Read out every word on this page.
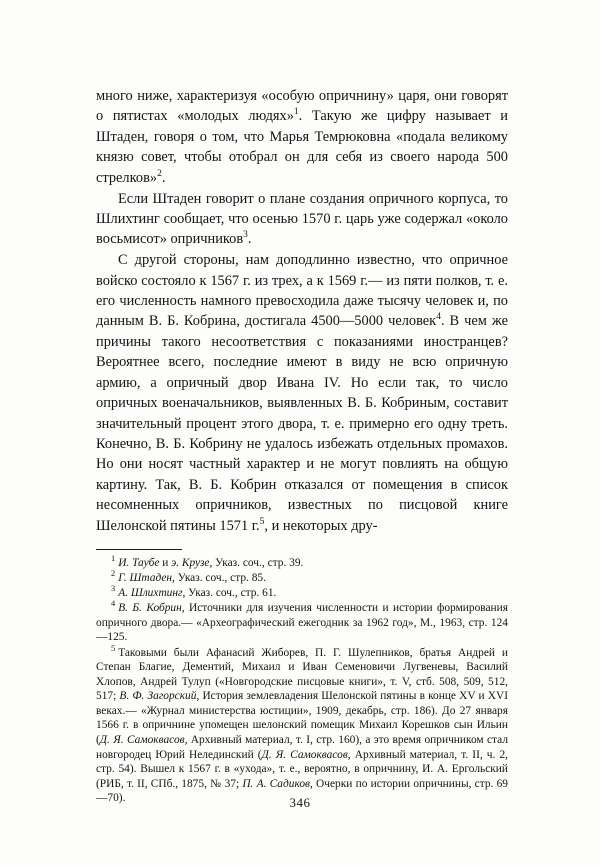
много ниже, характеризуя «особую опричнину» царя, они говорят о пятистах «молодых людях»$^1$. Такую же цифру называет и Штаден, говоря о том, что Марья Темрюковна «подала великому князю совет, чтобы отобрал он для себя из своего народа 500 стрелков»$^2$.

Если Штаден говорит о плане создания опричного корпуса, то Шлихтинг сообщает, что осенью 1570 г. царь уже содержал «около восьмисот» опричников$^3$.

С другой стороны, нам доподлинно известно, что опричное войско состояло к 1567 г. из трех, а к 1569 г.— из пяти полков, т. е. его численность намного превосходила даже тысячу человек и, по данным В. Б. Кобрина, достигала 4500—5000 человек$^4$. В чем же причины такого несоответствия с показаниями иностранцев? Вероятнее всего, последние имеют в виду не всю опричную армию, а опричный двор Ивана IV. Но если так, то число опричных военачальников, выявленных В. Б. Кобриным, составит значительный процент этого двора, т. е. примерно его одну треть. Конечно, В. Б. Кобрину не удалось избежать отдельных промахов. Но они носят частный характер и не могут повлиять на общую картину. Так, В. Б. Кобрин отказался от помещения в список несомненных опричников, известных по писцовой книге Шелонской пятины 1571 г.$^5$, и некоторых дру-

$^1$ И. Таубе и э. Крузе, Указ. соч., стр. 39.

$^2$ Г. Штаден, Указ. соч., стр. 85.

$^3$ А. Шлихтинг, Указ. соч., стр. 61.

$^4$ В. Б. Кобрин, Источники для изучения численности и истории формирования опричного двора.— «Археографический ежегодник за 1962 год», М., 1963, стр. 124—125.

$^5$ Таковыми были Афанасий Жиборев, П. Г. Шулепников, братья Андрей и Степан Благие, Дементий, Михаил и Иван Семеновичи Лугвеневы, Василий Хлопов, Андрей Тулуп («Новгородские писцовые книги», т. V, стб. 508, 509, 512, 517; В. Ф. Загорский, История землевладения Шелонской пятины в конце XV и XVI веках.— «Журнал министерства юстиции», 1909, декабрь, стр. 186). До 27 января 1566 г. в опричнине упомещен шелонский помещик Михаил Корешков сын Ильин (Д. Я. Самоквасов, Архивный материал, т. I, стр. 160), а это время опричником стал новгородец Юрий Нелединский (Д. Я. Самоквасов, Архивный материал, т. II, ч. 2, стр. 54). Вышел к 1567 г. в «ухода», т. е., вероятно, в опричнину, И. А. Ергольский (РИБ, т. II, СПб., 1875, № 37; П. А. Садиков, Очерки по истории опричнины, стр. 69—70).	346
